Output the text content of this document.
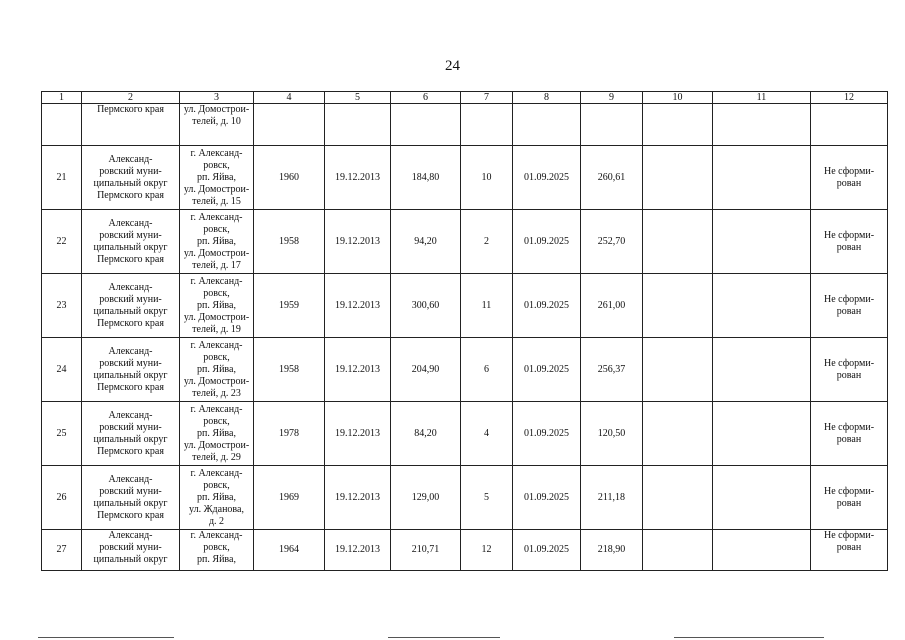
24
1	2	3	4	5	6	7	8	9	10	11	12
	Пермского края	ул. Домострои-
телей, д. 10									
21	Александ-
ровский муни-
ципальный округ
Пермского края	г. Александ-
ровск,
рп. Яйва,
ул. Домострои-
телей, д. 15	1960	19.12.2013	184,80	10	01.09.2025	260,61			Не сформи-
рован
22	Александ-
ровский муни-
ципальный округ
Пермского края	г. Александ-
ровск,
рп. Яйва,
ул. Домострои-
телей, д. 17	1958	19.12.2013	94,20	2	01.09.2025	252,70			Не сформи-
рован
23	Александ-
ровский муни-
ципальный округ
Пермского края	г. Александ-
ровск,
рп. Яйва,
ул. Домострои-
телей, д. 19	1959	19.12.2013	300,60	11	01.09.2025	261,00			Не сформи-
рован
24	Александ-
ровский муни-
ципальный округ
Пермского края	г. Александ-
ровск,
рп. Яйва,
ул. Домострои-
телей, д. 23	1958	19.12.2013	204,90	6	01.09.2025	256,37			Не сформи-
рован
25	Александ-
ровский муни-
ципальный округ
Пермского края	г. Александ-
ровск,
рп. Яйва,
ул. Домострои-
телей, д. 29	1978	19.12.2013	84,20	4	01.09.2025	120,50			Не сформи-
рован
26	Александ-
ровский муни-
ципальный округ
Пермского края	г. Александ-
ровск,
рп. Яйва,
ул. Жданова,
д. 2	1969	19.12.2013	129,00	5	01.09.2025	211,18			Не сформи-
рован
27	Александ-
ровский муни-
ципальный округ	г. Александ-
ровск,
рп. Яйва,	1964	19.12.2013	210,71	12	01.09.2025	218,90			Не сформи-
рован
